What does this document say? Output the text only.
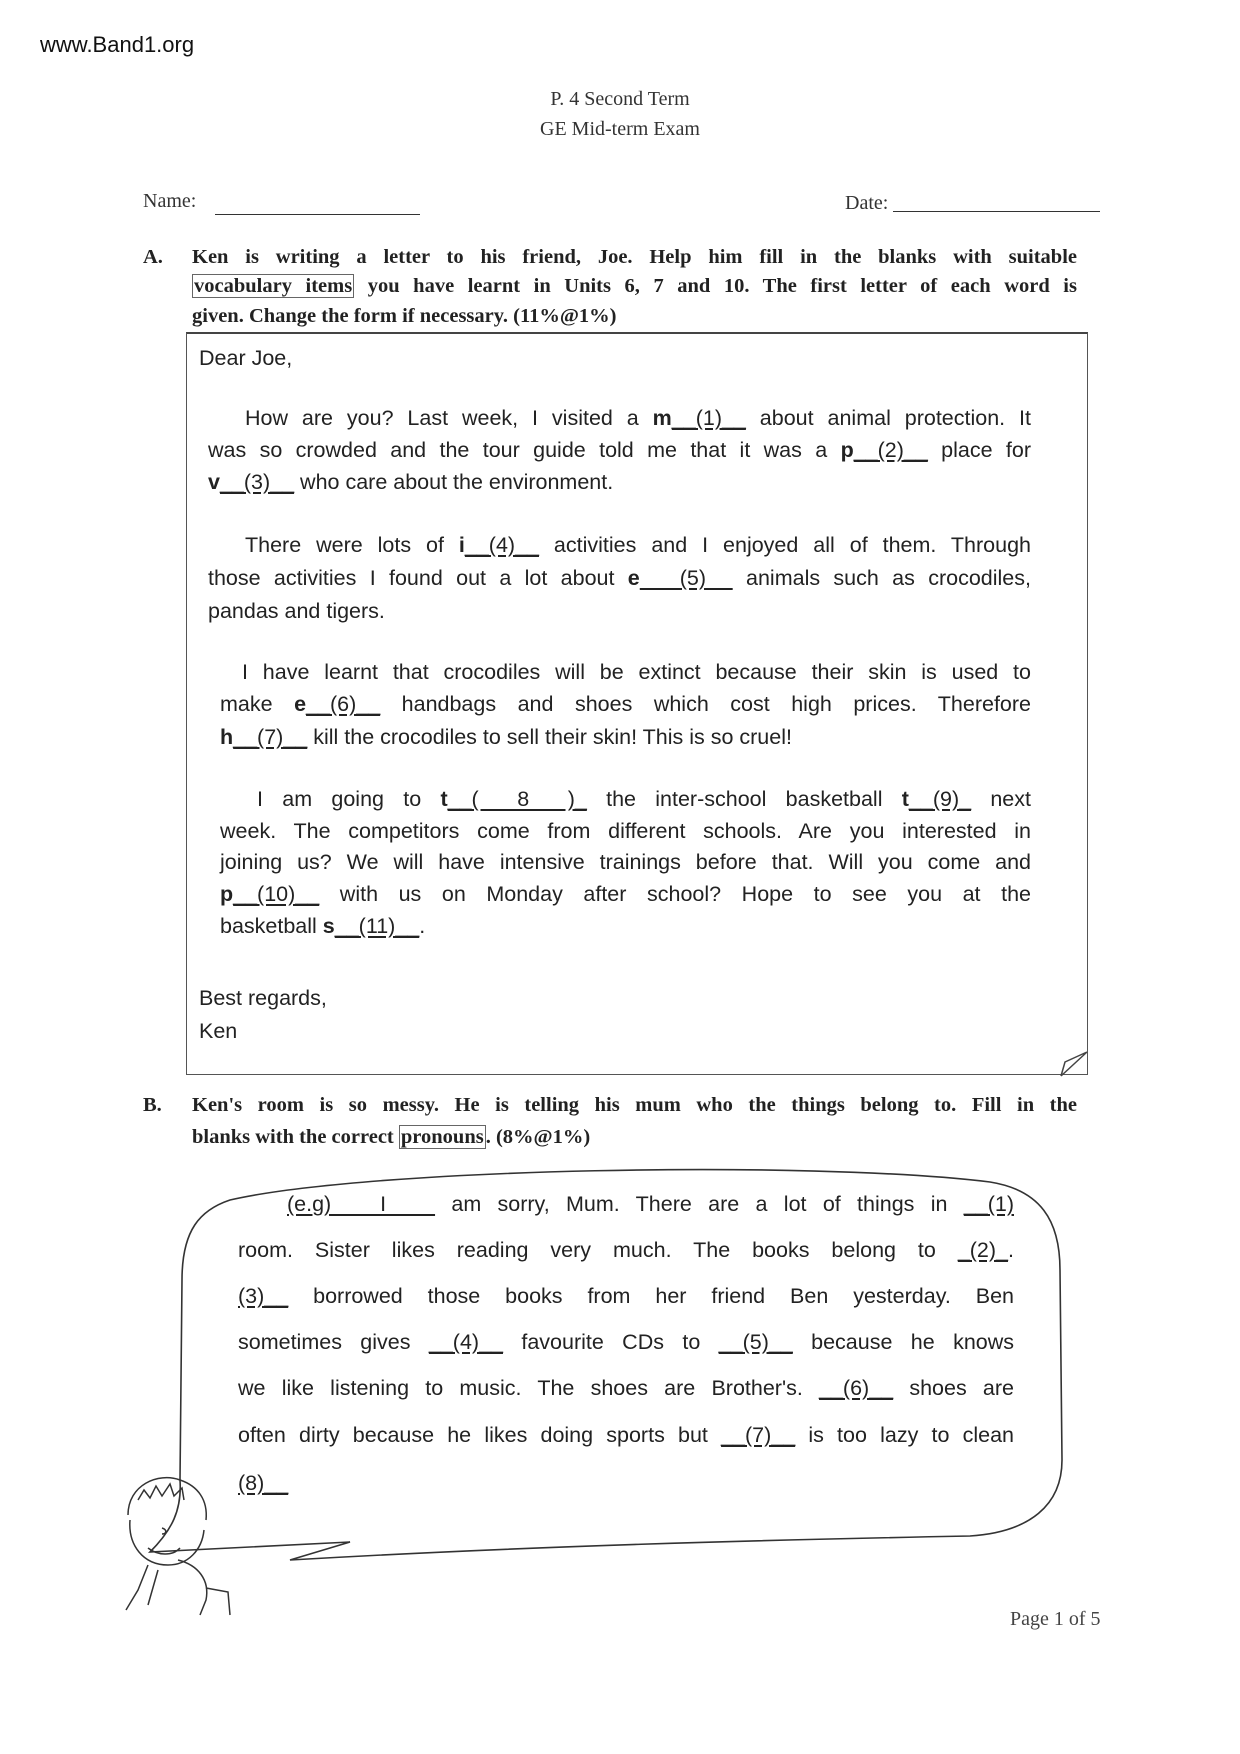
www.Band1.org
P. 4 Second Term
GE Mid-term Exam
Name:	Date:
A. Ken is writing a letter to his friend, Joe. Help him fill in the blanks with suitable
vocabulary items you have learnt in Units 6, 7 and 10. The first letter of each word is
given. Change the form if necessary. (11%@1%)
Dear Joe,
How are you? Last week, I visited a m__(1)__ about animal protection. It
was so crowded and the tour guide told me that it was a p__(2)__ place for
v__(3)__ who care about the environment.
There were lots of i__(4)__ activities and I enjoyed all of them. Through
those activities I found out a lot about e   (5)   animals such as crocodiles,
pandas and tigers.
I have learnt that crocodiles will be extinct because their skin is used to
make e__(6)__ handbags and shoes which cost high prices. Therefore
h__(7)__ kill the crocodiles to sell their skin! This is so cruel!
I am going to t__(  8  )_ the inter-school basketball t__(9)_ next
week. The competitors come from different schools. Are you interested in
joining us? We will have intensive trainings before that. Will you come and
p__(10)__ with us on Monday after school? Hope to see you at the
basketball s__(11)__.
Best regards,
Ken
B. Ken's room is so messy. He is telling his mum who the things belong to. Fill in the
blanks with the correct pronouns. (8%@1%)
(e.g)   I    am sorry, Mum. There are a lot of things in __(1)
room. Sister likes reading very much. The books belong to _(2)_.
(3)__ borrowed those books from her friend Ben yesterday. Ben
sometimes gives __(4)__ favourite CDs to __(5)__ because he knows
we like listening to music. The shoes are Brother's. __(6)__ shoes are
often dirty because he likes doing sports but __(7)__ is too lazy to clean
(8)__
Page 1 of 5
